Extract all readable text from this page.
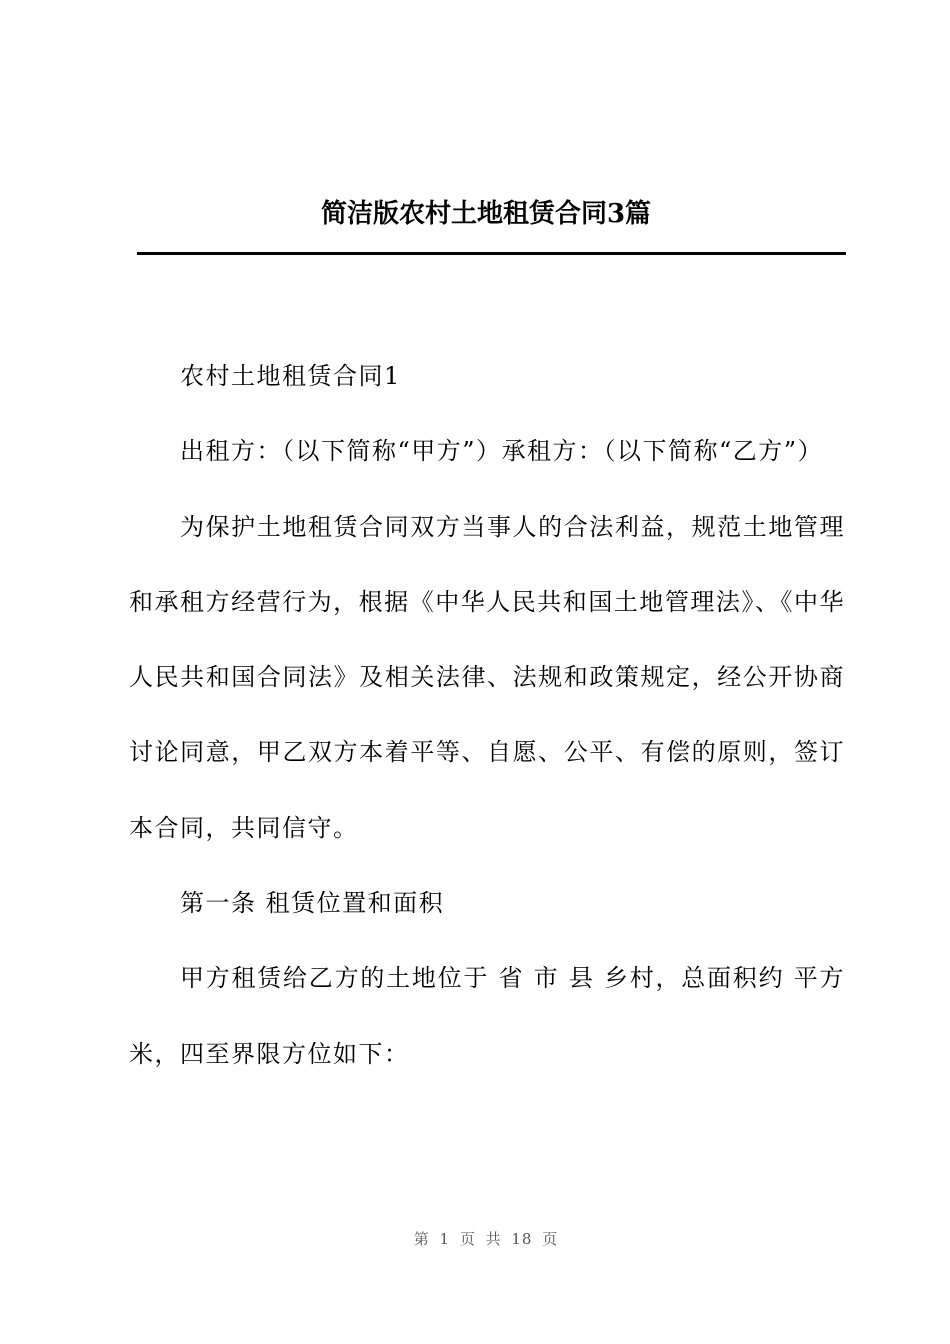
简洁版农村土地租赁合同3篇

农村土地租赁合同1

出租方：（以下简称“甲方”）承租方：（以下简称“乙方”）

为保护土地租赁合同双方当事人的合法利益，规范土地管理和承租方经营行为，根据《中华人民共和国土地管理法》、《中华人民共和国合同法》及相关法律、法规和政策规定，经公开协商讨论同意，甲乙双方本着平等、自愿、公平、有偿的原则，签订本合同，共同信守。

第一条 租赁位置和面积

甲方租赁给乙方的土地位于 省 市 县 乡村，总面积约 平方米，四至界限方位如下：

第 1 页 共 18 页
